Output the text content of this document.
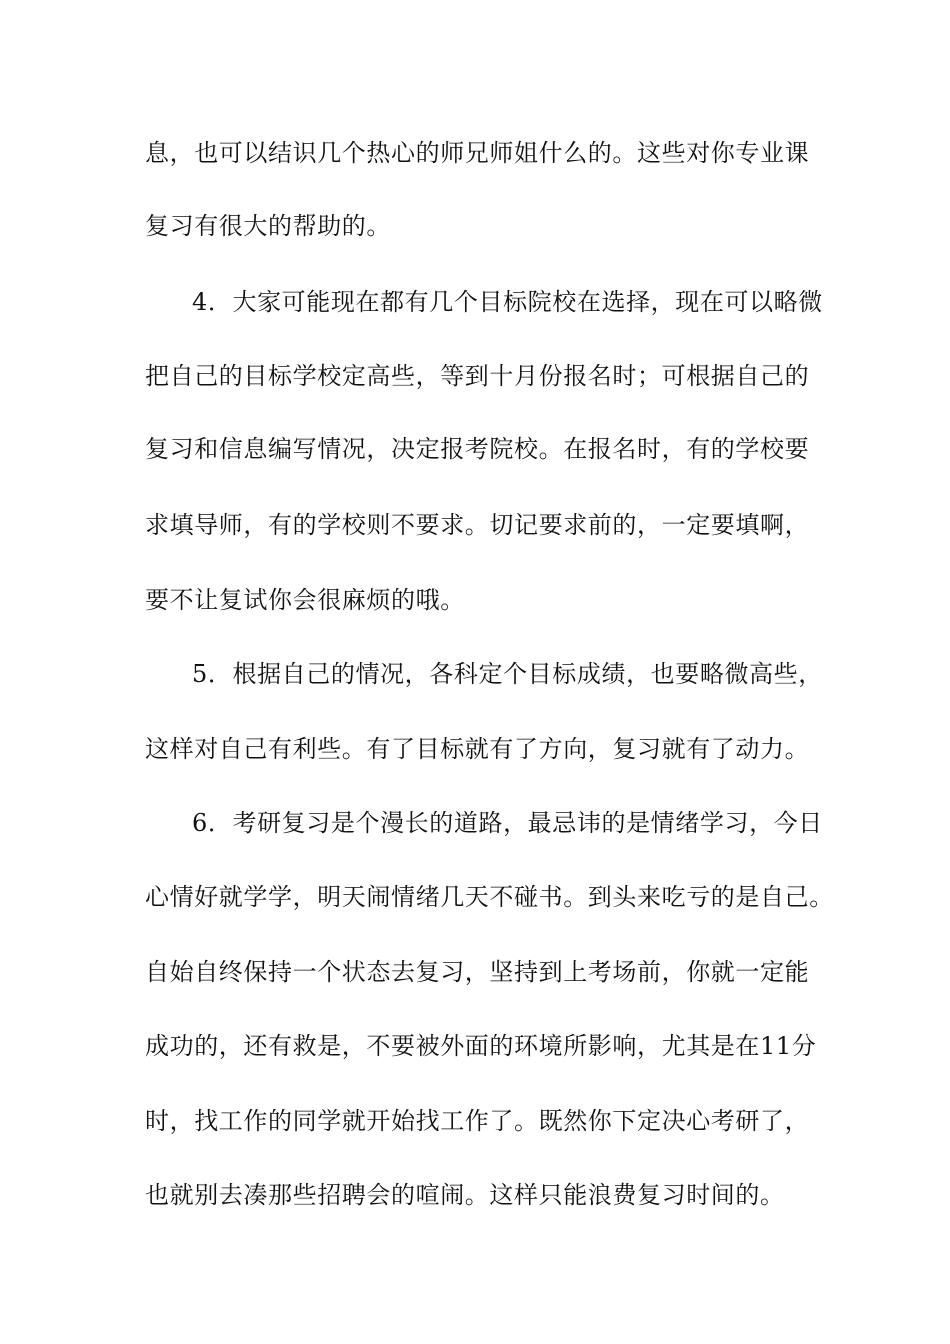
息，也可以结识几个热心的师兄师姐什么的。这些对你专业课
复习有很大的帮助的。
4．大家可能现在都有几个目标院校在选择，现在可以略微
把自己的目标学校定高些，等到十月份报名时；可根据自己的
复习和信息编写情况，决定报考院校。在报名时，有的学校要
求填导师，有的学校则不要求。切记要求前的，一定要填啊，
要不让复试你会很麻烦的哦。
5．根据自己的情况，各科定个目标成绩，也要略微高些，
这样对自己有利些。有了目标就有了方向，复习就有了动力。
6．考研复习是个漫长的道路，最忌讳的是情绪学习，今日
心情好就学学，明天闹情绪几天不碰书。到头来吃亏的是自己。
自始自终保持一个状态去复习，坚持到上考场前，你就一定能
成功的，还有救是，不要被外面的环境所影响，尤其是在11分
时，找工作的同学就开始找工作了。既然你下定决心考研了，
也就别去凑那些招聘会的喧闹。这样只能浪费复习时间的。
